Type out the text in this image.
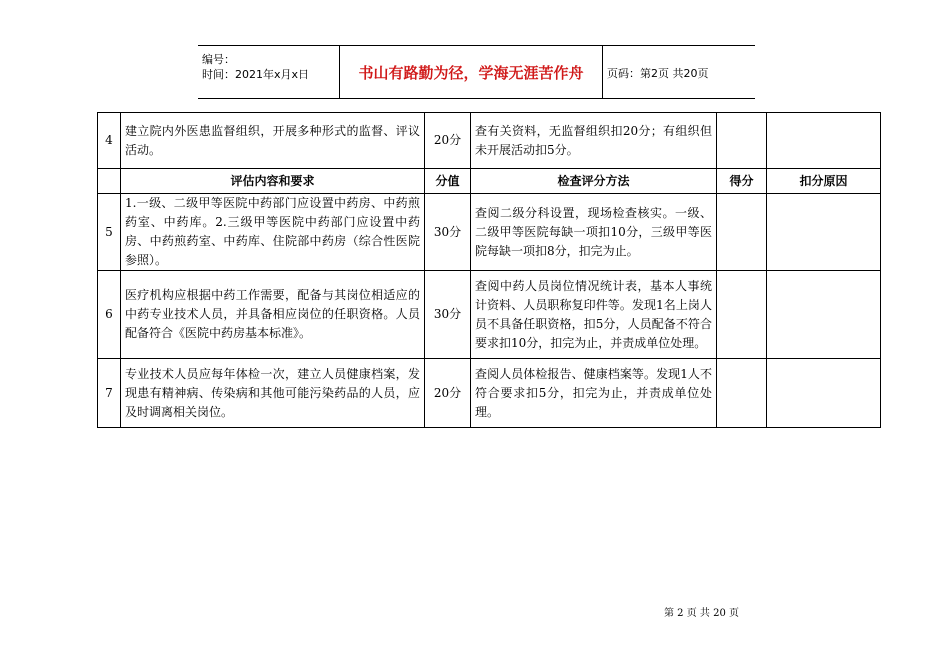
编号：
时间：2021年x月x日	书山有路勤为径，学海无涯苦作舟	页码：第2页 共20页
4	建立院内外医患监督组织，开展多种形式的监督、评议活动。	20分	查有关资料，无监督组织扣20分；有组织但未开展活动扣5分。		
	评估内容和要求	分值	检查评分方法	得分	扣分原因
5	1.一级、二级甲等医院中药部门应设置中药房、中药煎药室、中药库。2.三级甲等医院中药部门应设置中药房、中药煎药室、中药库、住院部中药房（综合性医院参照）。	30分	查阅二级分科设置，现场检查核实。一级、二级甲等医院每缺一项扣10分，三级甲等医院每缺一项扣8分，扣完为止。		
6	医疗机构应根据中药工作需要，配备与其岗位相适应的中药专业技术人员，并具备相应岗位的任职资格。人员配备符合《医院中药房基本标准》。	30分	查阅中药人员岗位情况统计表，基本人事统计资料、人员职称复印件等。发现1名上岗人员不具备任职资格，扣5分，人员配备不符合要求扣10分，扣完为止，并责成单位处理。		
7	专业技术人员应每年体检一次，建立人员健康档案，发现患有精神病、传染病和其他可能污染药品的人员，应及时调离相关岗位。	20分	查阅人员体检报告、健康档案等。发现1人不符合要求扣5分，扣完为止，并责成单位处理。		
第 2 页 共 20 页
